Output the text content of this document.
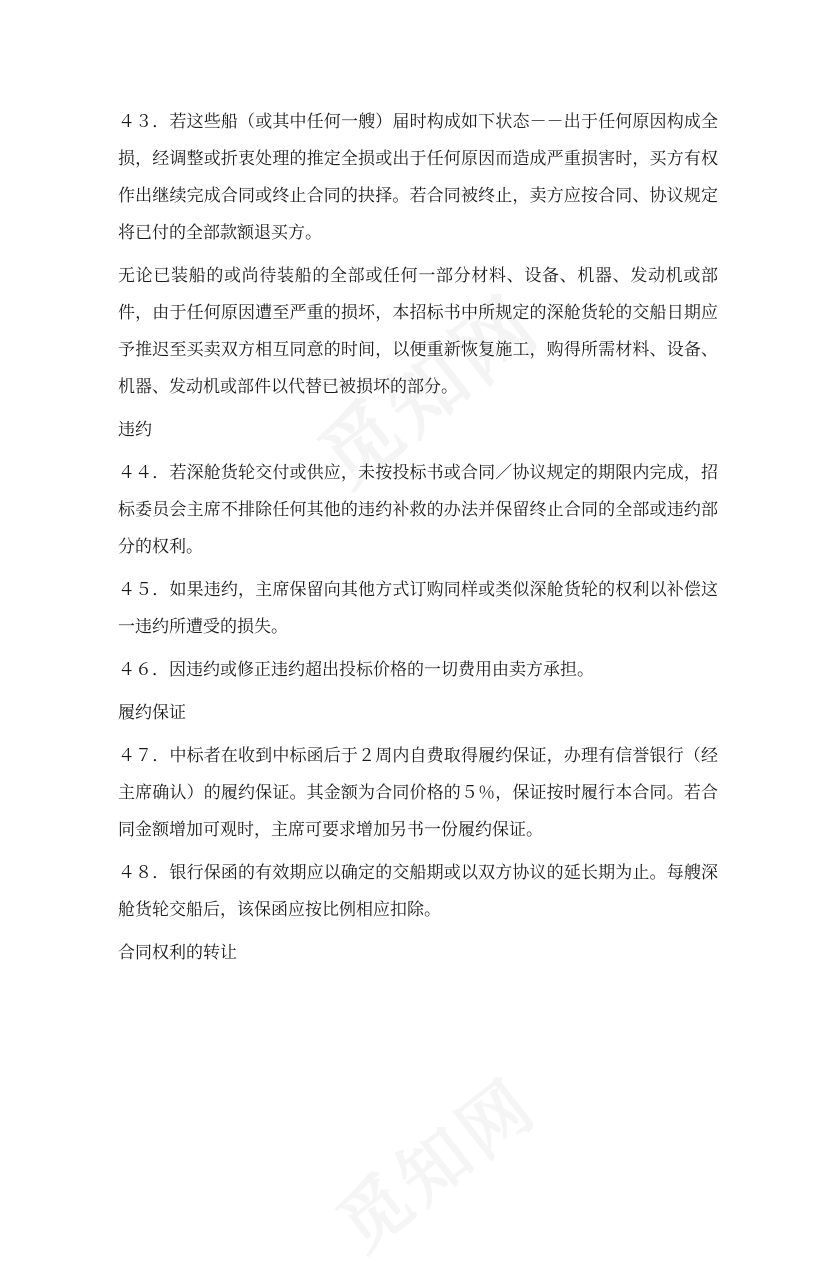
４３．若这些船（或其中任何一艘）届时构成如下状态－－出于任何原因构成全损，经调整或折衷处理的推定全损或出于任何原因而造成严重损害时，买方有权作出继续完成合同或终止合同的抉择。若合同被终止，卖方应按合同、协议规定将已付的全部款额退买方。

无论已装船的或尚待装船的全部或任何一部分材料、设备、机器、发动机或部件，由于任何原因遭至严重的损坏，本招标书中所规定的深舱货轮的交船日期应予推迟至买卖双方相互同意的时间，以便重新恢复施工，购得所需材料、设备、机器、发动机或部件以代替已被损坏的部分。

违约

４４．若深舱货轮交付或供应，未按投标书或合同／协议规定的期限内完成，招标委员会主席不排除任何其他的违约补救的办法并保留终止合同的全部或违约部分的权利。

４５．如果违约，主席保留向其他方式订购同样或类似深舱货轮的权利以补偿这一违约所遭受的损失。

４６．因违约或修正违约超出投标价格的一切费用由卖方承担。

履约保证

４７．中标者在收到中标函后于２周内自费取得履约保证，办理有信誉银行（经主席确认）的履约保证。其金额为合同价格的５％，保证按时履行本合同。若合同金额增加可观时，主席可要求增加另书一份履约保证。

４８．银行保函的有效期应以确定的交船期或以双方协议的延长期为止。每艘深舱货轮交船后，该保函应按比例相应扣除。

合同权利的转让
